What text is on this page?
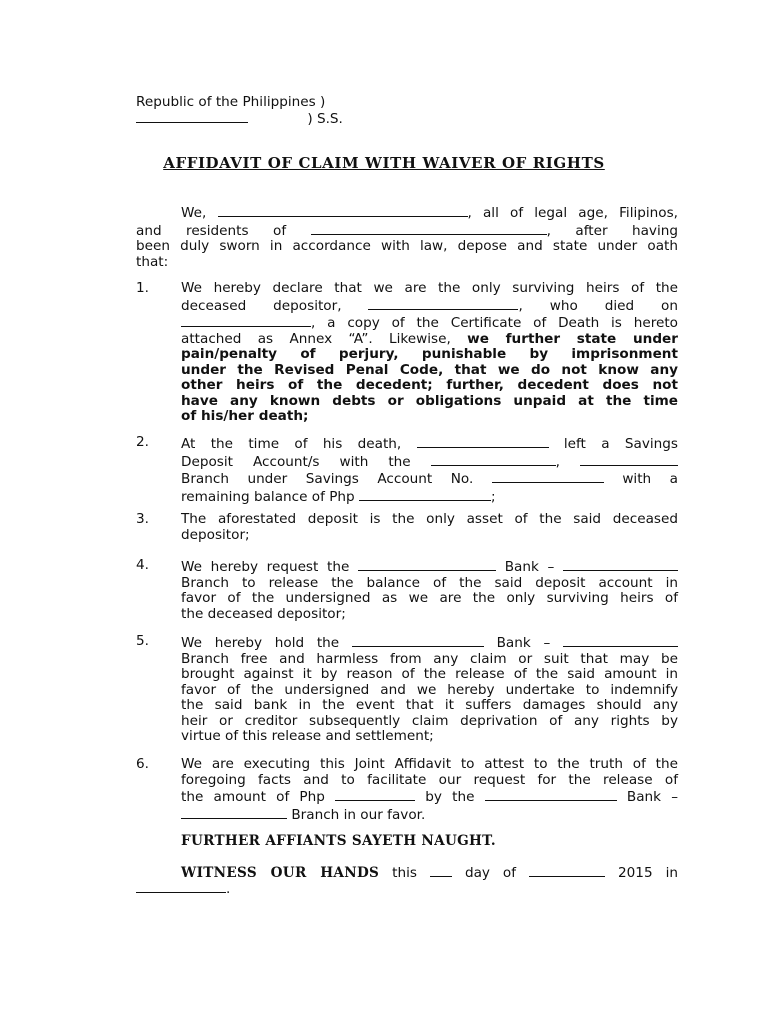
Republic of the Philippines )
) S.S.
AFFIDAVIT OF CLAIM WITH WAIVER OF RIGHTS
We,	, all of legal age, Filipinos,
and residents of	, after having
been duly sworn in accordance with law, depose and state under oath
that:
1. We hereby declare that we are the only surviving heirs of the
deceased depositor,	, who died on
, a copy of the Certificate of Death is hereto
attached as Annex “A”. Likewise, we further state under
pain/penalty of perjury, punishable by imprisonment
under the Revised Penal Code, that we do not know any
other heirs of the decedent; further, decedent does not
have any known debts or obligations unpaid at the time
of his/her death;
2. At the time of his death,	left a Savings
Deposit Account/s with the	,
Branch under Savings Account No.	with a
remaining balance of Php	;
3. The aforestated deposit is the only asset of the said deceased
depositor;
4. We hereby request the	Bank –
Branch to release the balance of the said deposit account in
favor of the undersigned as we are the only surviving heirs of
the deceased depositor;
5. We hereby hold the	Bank –
Branch free and harmless from any claim or suit that may be
brought against it by reason of the release of the said amount in
favor of the undersigned and we hereby undertake to indemnify
the said bank in the event that it suffers damages should any
heir or creditor subsequently claim deprivation of any rights by
virtue of this release and settlement;
6. We are executing this Joint Affidavit to attest to the truth of the
foregoing facts and to facilitate our request for the release of
the amount of Php	by the	Bank –
Branch in our favor.
FURTHER AFFIANTS SAYETH NAUGHT.
WITNESS OUR HANDS this	day of	2015 in
.
